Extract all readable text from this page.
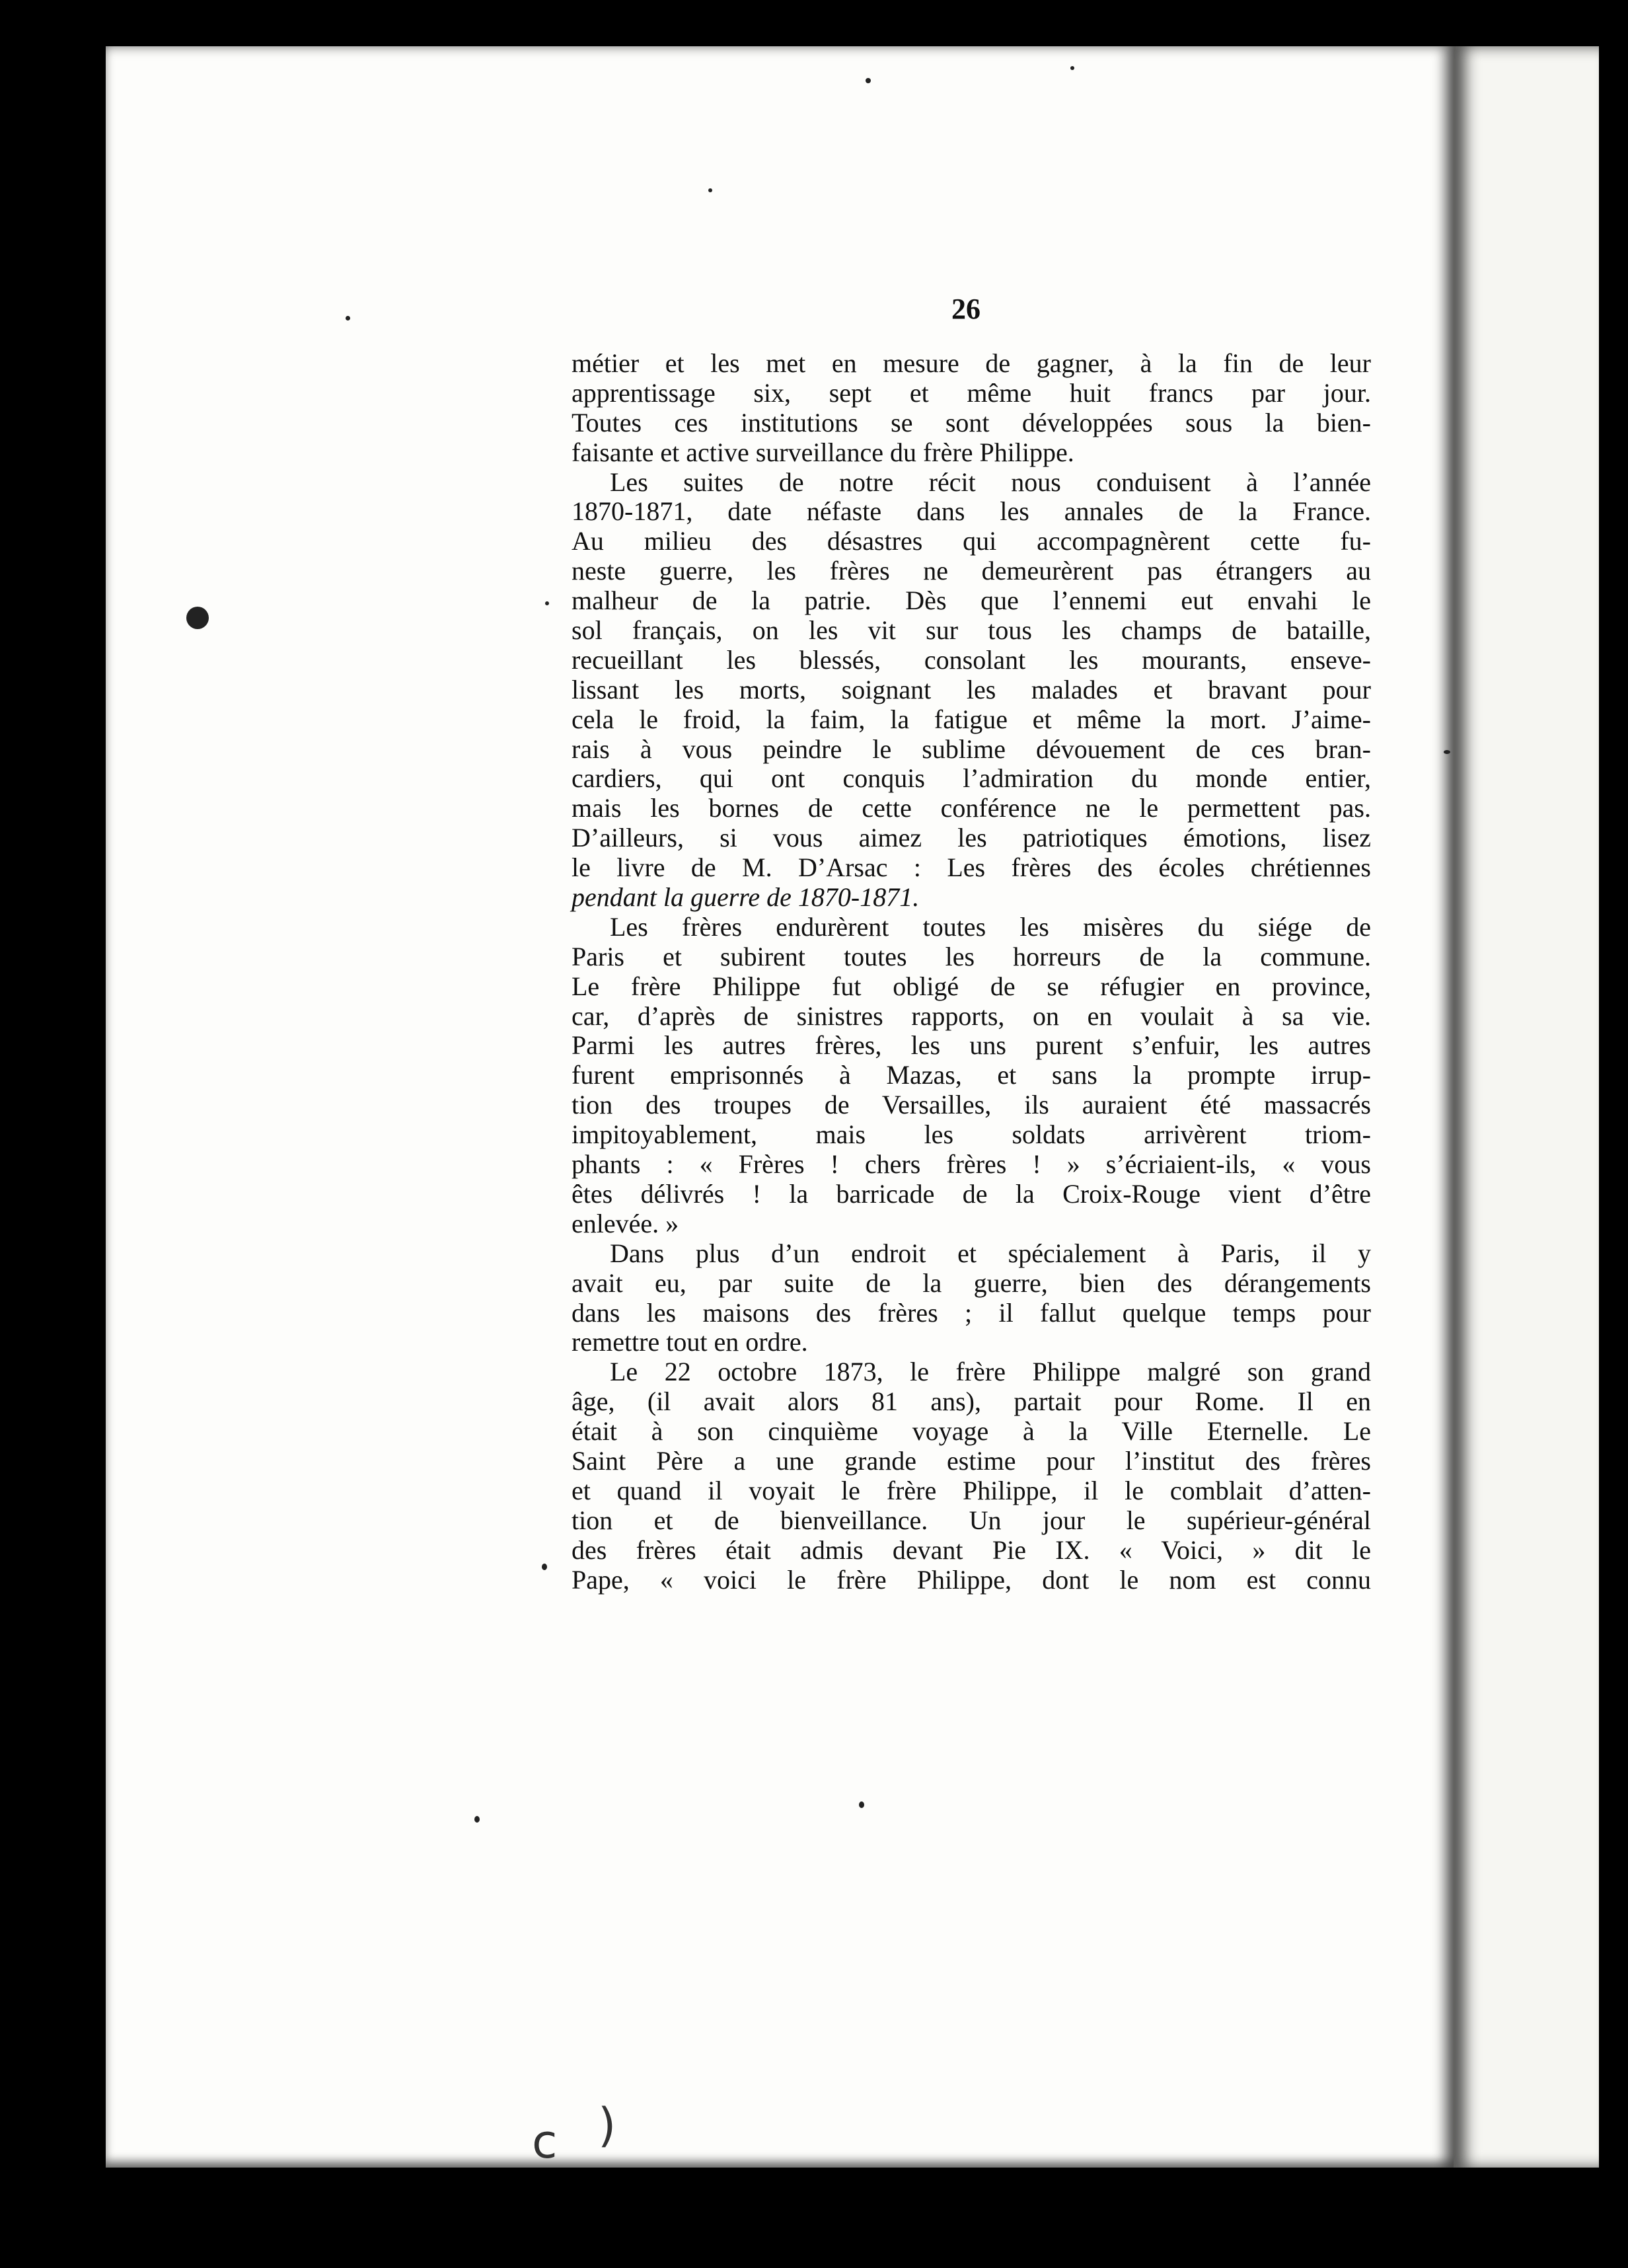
26
métier et les met en mesure de gagner, à la fin de leur
apprentissage six, sept et même huit francs par jour.
Toutes ces institutions se sont développées sous la bien-
faisante et active surveillance du frère Philippe.
Les suites de notre récit nous conduisent à l’année
1870-1871, date néfaste dans les annales de la France.
Au milieu des désastres qui accompagnèrent cette fu-
neste guerre, les frères ne demeurèrent pas étrangers au
malheur de la patrie. Dès que l’ennemi eut envahi le
sol français, on les vit sur tous les champs de bataille,
recueillant les blessés, consolant les mourants, enseve-
lissant les morts, soignant les malades et bravant pour
cela le froid, la faim, la fatigue et même la mort. J’aime-
rais à vous peindre le sublime dévouement de ces bran-
cardiers, qui ont conquis l’admiration du monde entier,
mais les bornes de cette conférence ne le permettent pas.
D’ailleurs, si vous aimez les patriotiques émotions, lisez
le livre de M. D’Arsac : Les frères des écoles chrétiennes
pendant la guerre de 1870-1871.
Les frères endurèrent toutes les misères du siége de
Paris et subirent toutes les horreurs de la commune.
Le frère Philippe fut obligé de se réfugier en province,
car, d’après de sinistres rapports, on en voulait à sa vie.
Parmi les autres frères, les uns purent s’enfuir, les autres
furent emprisonnés à Mazas, et sans la prompte irrup-
tion des troupes de Versailles, ils auraient été massacrés
impitoyablement, mais les soldats arrivèrent triom-
phants : « Frères ! chers frères ! » s’écriaient-ils, « vous
êtes délivrés ! la barricade de la Croix-Rouge vient d’être
enlevée. »
Dans plus d’un endroit et spécialement à Paris, il y
avait eu, par suite de la guerre, bien des dérangements
dans les maisons des frères ; il fallut quelque temps pour
remettre tout en ordre.
Le 22 octobre 1873, le frère Philippe malgré son grand
âge, (il avait alors 81 ans), partait pour Rome. Il en
était à son cinquième voyage à la Ville Eternelle. Le
Saint Père a une grande estime pour l’institut des frères
et quand il voyait le frère Philippe, il le comblait d’atten-
tion et de bienveillance. Un jour le supérieur-général
des frères était admis devant Pie IX. « Voici, » dit le
Pape, « voici le frère Philippe, dont le nom est connu
c )
